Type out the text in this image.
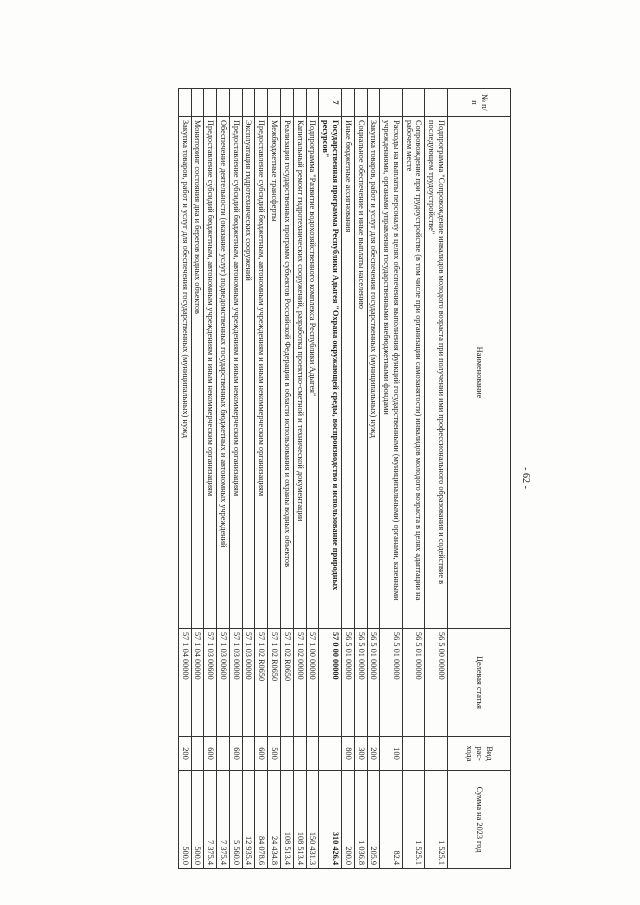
- 62 -
№ п/п	Наименование	Целевая статья	Вид рас-хода	Сумма на 2023 год
	Подпрограмма "Сопровождение инвалидов молодого возраста при получении ими профессионального образования и содействие в последующем трудоустройстве"	56 5 00 00000		1 525.1
	Сопровождение при трудоустройстве (в том числе при организации самозанятости) инвалидов молодого возраста в целях адаптации на рабочем месте	56 5 01 00000		1 525.1
	Расходы на выплаты персоналу в целях обеспечения выполнения функций государственными (муниципальными) органами, казенными учреждениями, органами управления государственными внебюджетными фондами	56 5 01 00000	100	82.4
	Закупка товаров, работ и услуг для обеспечения государственных (муниципальных) нужд	56 5 01 00000	200	205.9
	Социальное обеспечение и иные выплаты населению	56 5 01 00000	300	1 036.8
	Иные бюджетные ассигнования	56 5 01 00000	800	200.0
7	Государственная программа Республики Адыгея "Охрана окружающей среды, воспроизводство и использование природных ресурсов"	57 0 00 00000		310 426.4
	Подпрограмма "Развитие водохозяйственного комплекса Республики Адыгея"	57 1 00 00000		150 431.3
	Капитальный ремонт гидротехнических сооружений, разработка проектно-сметной и технической документации	57 1 02 00000		108 513.4
	Реализация государственных программ субъектов Российской Федерации в области использования и охраны водных объектов	57 1 02 R0650		108 513.4
	Межбюджетные трансферты	57 1 02 R0650	500	24 434.8
	Предоставление субсидий бюджетным, автономным учреждениям и иным некоммерческим организациям	57 1 02 R0650	600	84 078.6
	Эксплуатация гидротехнических сооружений	57 1 03 00000		12 935.4
	Предоставление субсидий бюджетным, автономным учреждениям и иным некоммерческим организациям	57 1 03 00000	600	5 560.0
	Обеспечение деятельности (оказание услуг) подведомственных государственных бюджетных и автономных учреждений	57 1 03 00600		7 375.4
	Предоставление субсидий бюджетным, автономным учреждениям и иным некоммерческим организациям	57 1 03 00600	600	7 375.4
	Мониторинг состояния дна и берегов водных объектов	57 1 04 00000		500.0
	Закупка товаров, работ и услуг для обеспечения государственных (муниципальных) нужд	57 1 04 00000	200	500.0
